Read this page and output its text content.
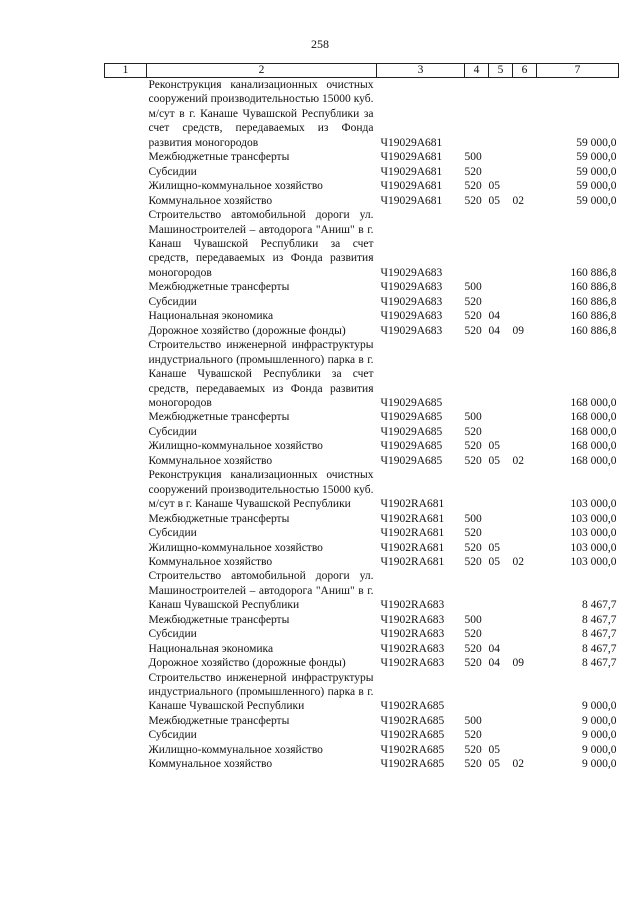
258
1	2	3	4	5	6	7
	Реконструкция канализационных очистных сооружений производительностью 15000 куб. м/сут в г. Канаше Чувашской Республики за счет средств, передаваемых из Фонда развития моногородов	Ч19029А681				59 000,0
	Межбюджетные трансферты	Ч19029А681	500			59 000,0
	Субсидии	Ч19029А681	520			59 000,0
	Жилищно-коммунальное хозяйство	Ч19029А681	520	05		59 000,0
	Коммунальное хозяйство	Ч19029А681	520	05	02	59 000,0
	Строительство автомобильной дороги ул. Машиностроителей – автодорога "Аниш" в г. Канаш Чувашской Республики за счет средств, передаваемых из Фонда развития моногородов	Ч19029А683				160 886,8
	Межбюджетные трансферты	Ч19029А683	500			160 886,8
	Субсидии	Ч19029А683	520			160 886,8
	Национальная экономика	Ч19029А683	520	04		160 886,8
	Дорожное хозяйство (дорожные фонды)	Ч19029А683	520	04	09	160 886,8
	Строительство инженерной инфраструктуры индустриального (промышленного) парка в г. Канаше Чувашской Республики за счет средств, передаваемых из Фонда развития моногородов	Ч19029А685				168 000,0
	Межбюджетные трансферты	Ч19029А685	500			168 000,0
	Субсидии	Ч19029А685	520			168 000,0
	Жилищно-коммунальное хозяйство	Ч19029А685	520	05		168 000,0
	Коммунальное хозяйство	Ч19029А685	520	05	02	168 000,0
	Реконструкция канализационных очистных сооружений производительностью 15000 куб. м/сут в г. Канаше Чувашской Республики	Ч1902RA681				103 000,0
	Межбюджетные трансферты	Ч1902RA681	500			103 000,0
	Субсидии	Ч1902RA681	520			103 000,0
	Жилищно-коммунальное хозяйство	Ч1902RA681	520	05		103 000,0
	Коммунальное хозяйство	Ч1902RA681	520	05	02	103 000,0
	Строительство автомобильной дороги ул. Машиностроителей – автодорога "Аниш" в г. Канаш Чувашской Республики	Ч1902RA683				8 467,7
	Межбюджетные трансферты	Ч1902RA683	500			8 467,7
	Субсидии	Ч1902RA683	520			8 467,7
	Национальная экономика	Ч1902RA683	520	04		8 467,7
	Дорожное хозяйство (дорожные фонды)	Ч1902RA683	520	04	09	8 467,7
	Строительство инженерной инфраструктуры индустриального (промышленного) парка в г. Канаше Чувашской Республики	Ч1902RA685				9 000,0
	Межбюджетные трансферты	Ч1902RA685	500			9 000,0
	Субсидии	Ч1902RA685	520			9 000,0
	Жилищно-коммунальное хозяйство	Ч1902RA685	520	05		9 000,0
	Коммунальное хозяйство	Ч1902RA685	520	05	02	9 000,0
